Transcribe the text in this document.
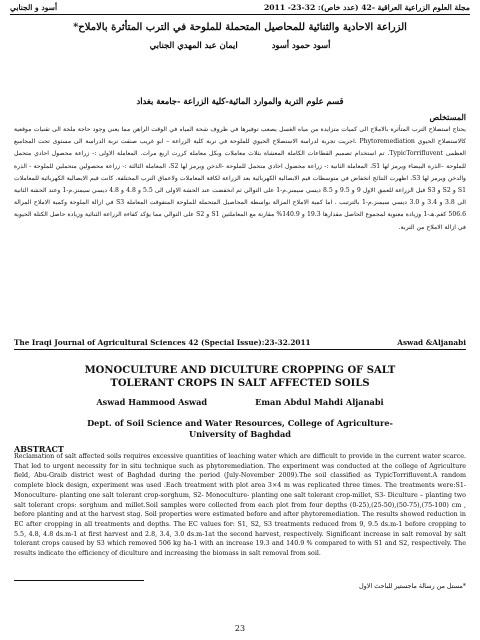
مجلة العلوم الزراعية العراقية -42 (عدد خاص): 32-23- 2011
أسود و الجنابي
الزراعة الاحادية والثنائية للمحاصيل المتحملة للملوحة في الترب المتأثرة بالاملاح*
أسود حمود أسود
ايمان عبد المهدي الجنابي
قسم علوم التربة والموارد المائية-كلية الزراعة -جامعة بغداد
المستخلص
يحتاج استصلاح الترب المتأثرة بالاملاح الى كميات متزايدة من مياه الغسل يصعب توفيرها في ظروف شحة المياه في الوقت الراهن مما يعني وجود حاجة ملحة الى تقنيات موقعية كالاستصلاح الحيوي Phytoremediation .اجريت تجربة لدراسة الاستصلاح الحيوي للملوحة في تربة كلية الزراعة – ابو غريب صنفت تربة الدراسة الى مستوى تحت المجاميع العظمى TypicTorrifluvent. تم استخدام تصميم القطاعات الكاملة المعشاة بثلاث معاملات وبكل معاملة كررت اربع مرات. المعاملة الاولى :- زراعة محصول احادي متحمل للملوحة –الذرة البيضاء ويرمز لها S1، المعاملة الثانية :- زراعة محصول احادي متحمل للملوحة -الدخن ويرمز لها S2، المعاملة الثالثة :- زراعة محصولين متحملين للملوحة - الذرة والدخن ويرمز لها S3. اظهرت النتائج انخفاض في متوسطات قيم الايصالية الكهربائية بعد الزراعة لكافة المعاملات ولاعماق الترب المختلفة. كانت قيم الايصالية الكهربائية للمعاملات S1 و S2 و S3 قبل الزراعة للعمق الاول 9 و 9.5 و 8.5 ديسي سيمنز.م-1 على التوالي ثم انخفضت عند الحشة الاولى الى 5.5 و 4.8 و 4.8 ديسي سيمنز.م-1 وعند الحشة الثانية الى 3.8 و 3.4 و 3.0 ديسي سيمنز.م-1 بالترتيب . اما كمية الاملاح المزالة بواسطة المحاصيل المتحملة للملوحة المتفوقت المعاملة S3 في ازالة الملوحة وكمية الاملاح المزالة 506.6 كغم.هـ-1 وزيادة معنوية لمجموع الحاصل مقدارها 19.3 و 140.9% مقارنة مع المعاملتين S1 و S2 على التوالي مما يؤكد كفاءة الزراعة الثنائية وزيادة حاصل الكتلة الحيوية في ازالة الاملاح من التربة.
The Iraqi Journal of Agricultural Sciences 42 (Special Issue):23-32.2011	Aswad &Aljanabi
MONOCULTURE AND DICULTURE CROPPING OF SALT
TOLERANT CROPS IN SALT AFFECTED SOILS
Aswad Hammood Aswad	Eman Abdul Mahdi Aljanabi
Dept. of Soil Science and Water Resources, College of Agriculture-
University of Baghdad
ABSTRACT
Reclamation of salt affected soils requires excessive quantities of leaching water which are difficult to provide in the current water scarce. That led to urgent necessity for in situ technique such as phytoremediation. The experiment was conducted at the college of Agriculture field, Abu-Graib district west of Baghdad during the period (July-November 2009).The soil classified as TypicTorrifluvent.A random complete block design, experiment was used .Each treatment with plot area 3×4 m was replicated three times. The treatments were:S1- Monoculture- planting one salt tolerant crop-sorghum, S2- Monoculture- planting one salt tolerant crop-millet, S3- Diculture – planting two salt tolerant crops: sorghum and millet.Soil samples were collected from each plot from four depths (0-25),(25-50),(50-75),(75-100) cm , before planting and at the harvest stag. Soil properties were estimated before and after phytoremediation. The results showed reduction in EC after cropping in all treatments and depths. The EC values for: S1, S2, S3 treatments reduced from 9, 9.5 ds.m-1 before cropping to 5.5, 4.8, 4.8 ds.m-1 at first harvest and 2.8, 3.4, 3.0 ds.m-1at the second harvest, respectively. Significant increase in salt removal by salt tolerant crops caused by S3 which removed 506 kg ha-1 with an increase 19.3 and 140.9 % compared to with S1 and S2, respectively. The results indicate the efficiency of diculture and increasing the biomass in salt removal from soil.
*مستل من رسالة ماجستير للباحث الاول
23
